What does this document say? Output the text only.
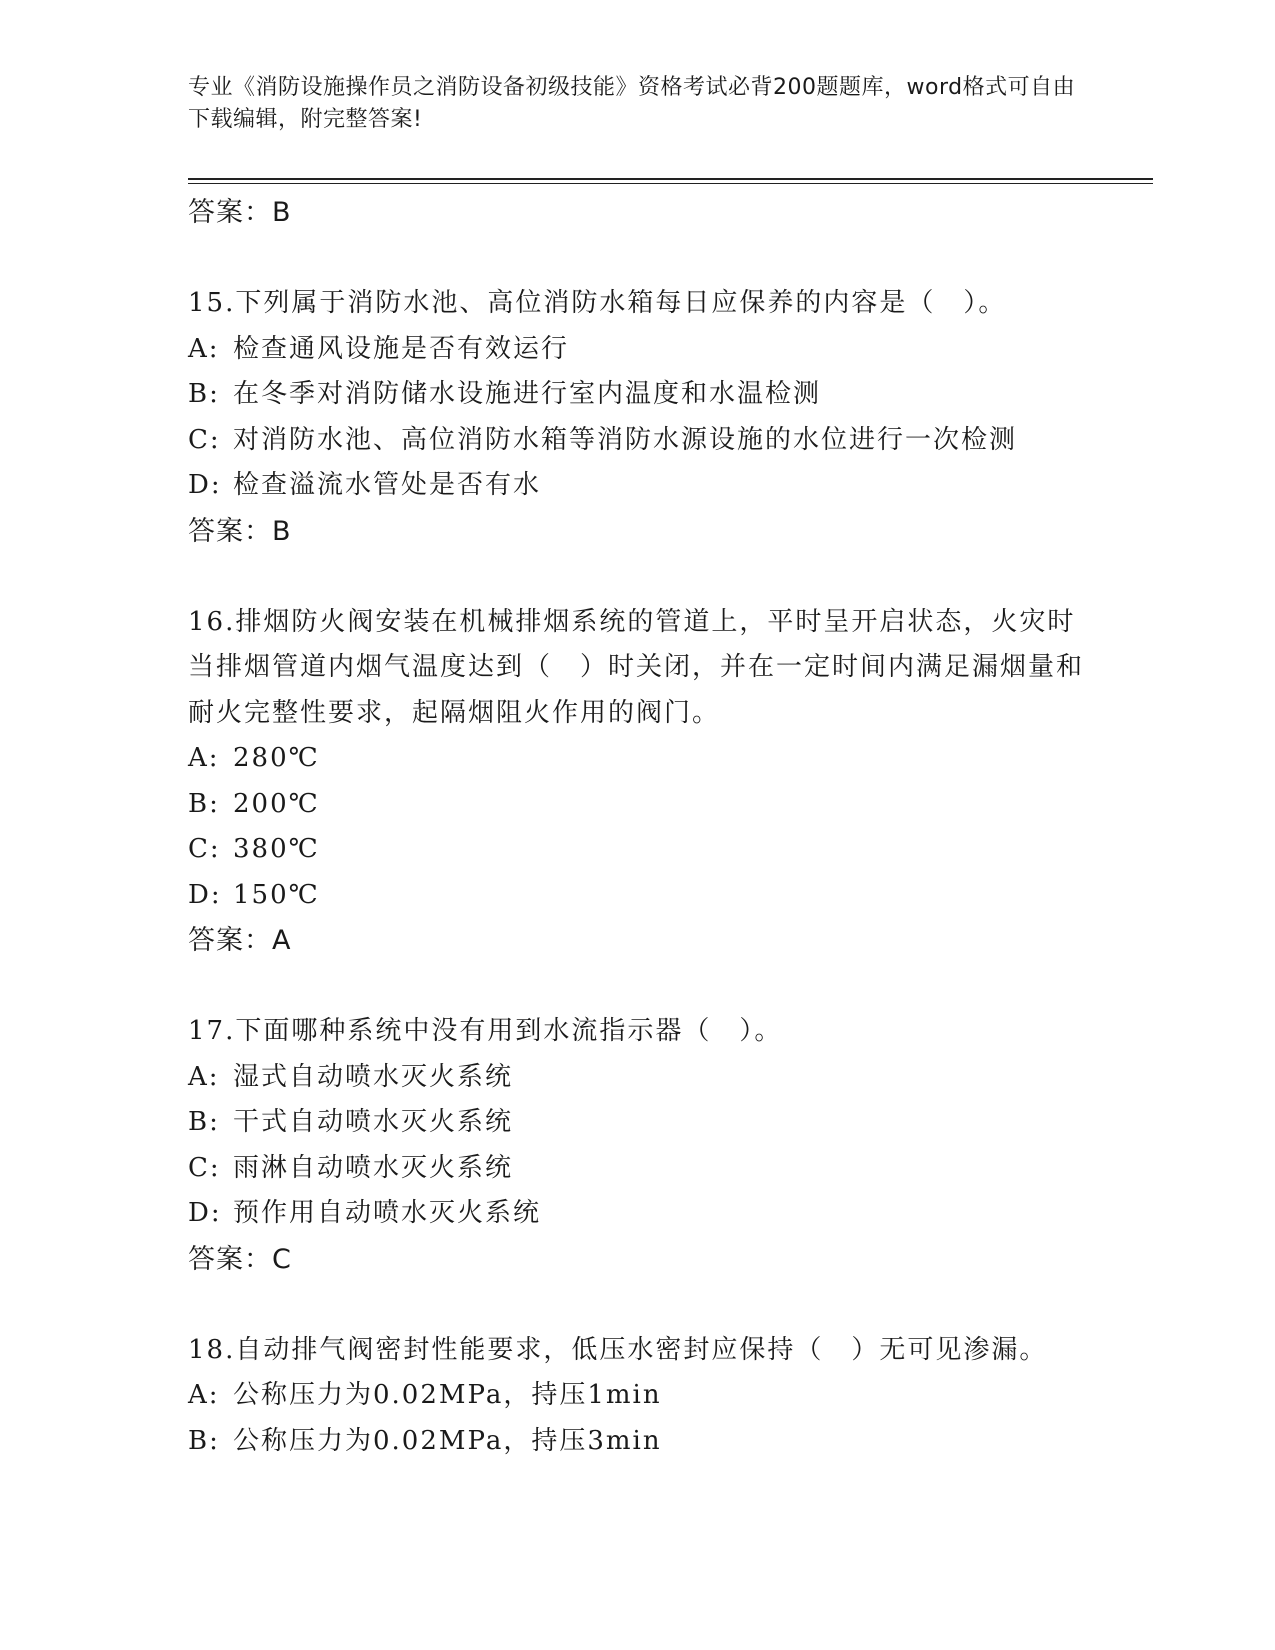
专业《消防设施操作员之消防设备初级技能》资格考试必背200题题库，word格式可自由下载编辑，附完整答案!
答案：B
15.下列属于消防水池、高位消防水箱每日应保养的内容是（　）。
A: 检查通风设施是否有效运行
B: 在冬季对消防储水设施进行室内温度和水温检测
C: 对消防水池、高位消防水箱等消防水源设施的水位进行一次检测
D: 检查溢流水管处是否有水
答案：B
16.排烟防火阀安装在机械排烟系统的管道上，平时呈开启状态，火灾时当排烟管道内烟气温度达到（　）时关闭，并在一定时间内满足漏烟量和耐火完整性要求，起隔烟阻火作用的阀门。
A: 280℃
B: 200℃
C: 380℃
D: 150℃
答案：A
17.下面哪种系统中没有用到水流指示器（　）。
A: 湿式自动喷水灭火系统
B: 干式自动喷水灭火系统
C: 雨淋自动喷水灭火系统
D: 预作用自动喷水灭火系统
答案：C
18.自动排气阀密封性能要求，低压水密封应保持（　）无可见渗漏。
A: 公称压力为0.02MPa，持压1min
B: 公称压力为0.02MPa，持压3min
